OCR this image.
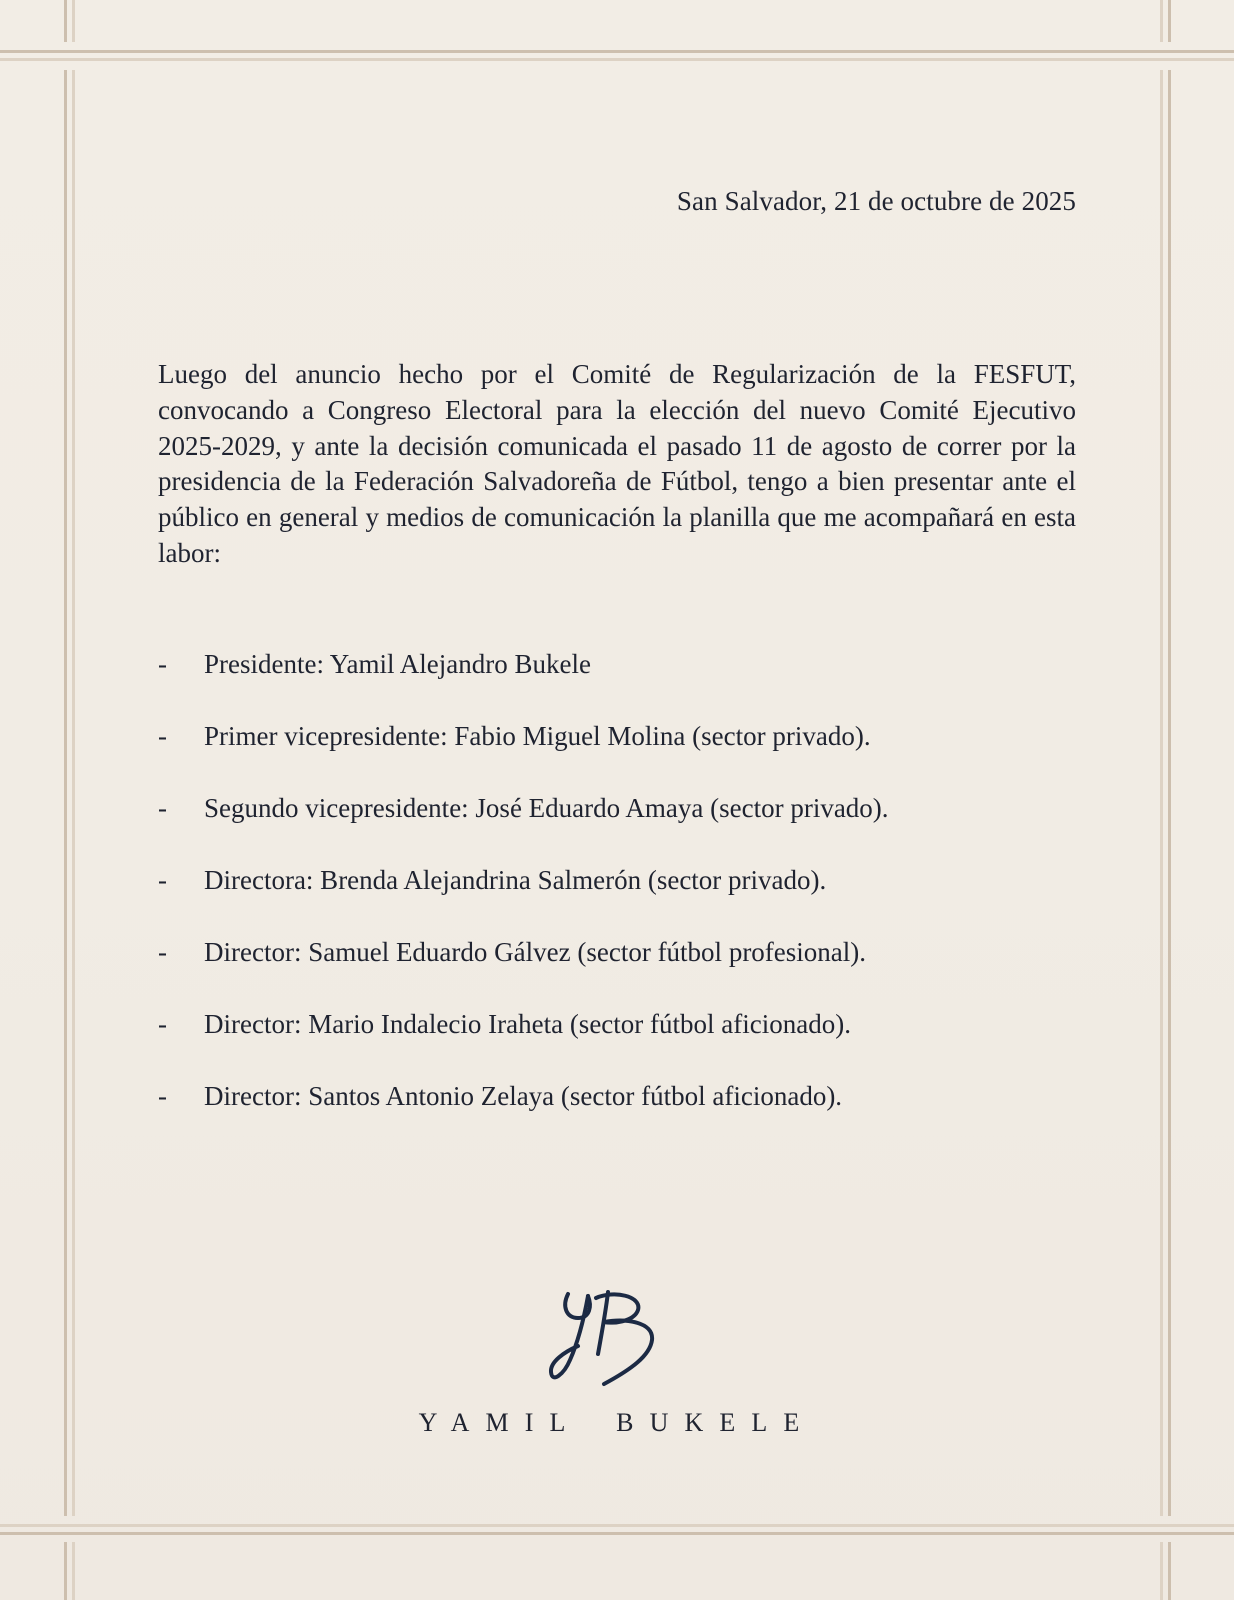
San Salvador, 21 de octubre de 2025

Luego del anuncio hecho por el Comité de Regularización de la FESFUT, convocando a Congreso Electoral para la elección del nuevo Comité Ejecutivo 2025-2029, y ante la decisión comunicada el pasado 11 de agosto de correr por la presidencia de la Federación Salvadoreña de Fútbol, tengo a bien presentar ante el público en general y medios de comunicación la planilla que me acompañará en esta labor:

- Presidente: Yamil Alejandro Bukele
- Primer vicepresidente: Fabio Miguel Molina (sector privado).
- Segundo vicepresidente: José Eduardo Amaya (sector privado).
- Directora: Brenda Alejandrina Salmerón (sector privado).
- Director: Samuel Eduardo Gálvez (sector fútbol profesional).
- Director: Mario Indalecio Iraheta (sector fútbol aficionado).
- Director: Santos Antonio Zelaya (sector fútbol aficionado).
YAMIL BUKELE
